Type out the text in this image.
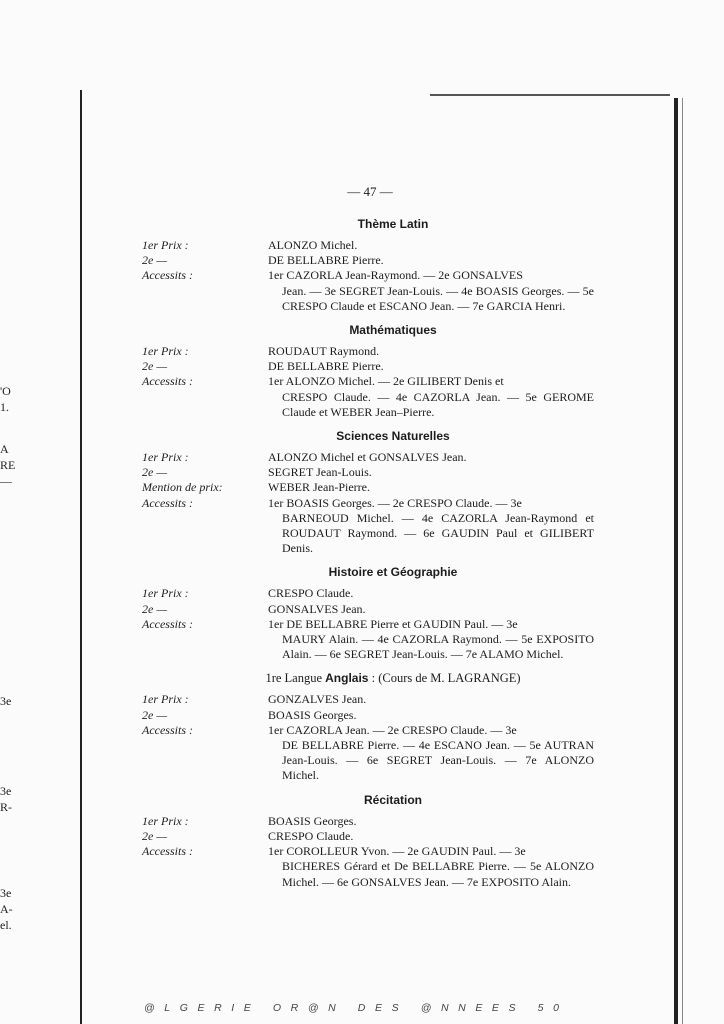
'O
1.
A
RE
—
3e
3e
R-
3e
A-
el.
— 47 —
Thème Latin
1er Prix :	ALONZO Michel.
2e —	DE BELLABRE Pierre.
Accessits :	1er CAZORLA Jean-Raymond. — 2e GONSALVES
Jean. — 3e SEGRET Jean-Louis. — 4e BOASIS Georges. — 5e CRESPO Claude et ESCANO Jean. — 7e GARCIA Henri.
Mathématiques
1er Prix :	ROUDAUT Raymond.
2e —	DE BELLABRE Pierre.
Accessits :	1er ALONZO Michel. — 2e GILIBERT Denis et
CRESPO Claude. — 4e CAZORLA Jean. — 5e GEROME Claude et WEBER Jean–Pierre.
Sciences Naturelles
1er Prix :	ALONZO Michel et GONSALVES Jean.
2e —	SEGRET Jean-Louis.
Mention de prix:	WEBER Jean-Pierre.
Accessits :	1er BOASIS Georges. — 2e CRESPO Claude. — 3e
BARNEOUD Michel. — 4e CAZORLA Jean-Raymond et ROUDAUT Raymond. — 6e GAUDIN Paul et GILIBERT Denis.
Histoire et Géographie
1er Prix :	CRESPO Claude.
2e —	GONSALVES Jean.
Accessits :	1er DE BELLABRE Pierre et GAUDIN Paul. — 3e
MAURY Alain. — 4e CAZORLA Raymond. — 5e EXPOSITO Alain. — 6e SEGRET Jean-Louis. — 7e ALAMO Michel.
1re Langue Anglais : (Cours de M. LAGRANGE)
1er Prix :	GONZALVES Jean.
2e —	BOASIS Georges.
Accessits :	1er CAZORLA Jean. — 2e CRESPO Claude. — 3e
DE BELLABRE Pierre. — 4e ESCANO Jean. — 5e AUTRAN Jean-Louis. — 6e SEGRET Jean-Louis. — 7e ALONZO Michel.
Récitation
1er Prix :	BOASIS Georges.
2e —	CRESPO Claude.
Accessits :	1er COROLLEUR Yvon. — 2e GAUDIN Paul. — 3e
BICHERES Gérard et De BELLABRE Pierre. — 5e ALONZO Michel. — 6e GONSALVES Jean. — 7e EXPOSITO Alain.
@LGERIE OR@N DES @NNEES 50
